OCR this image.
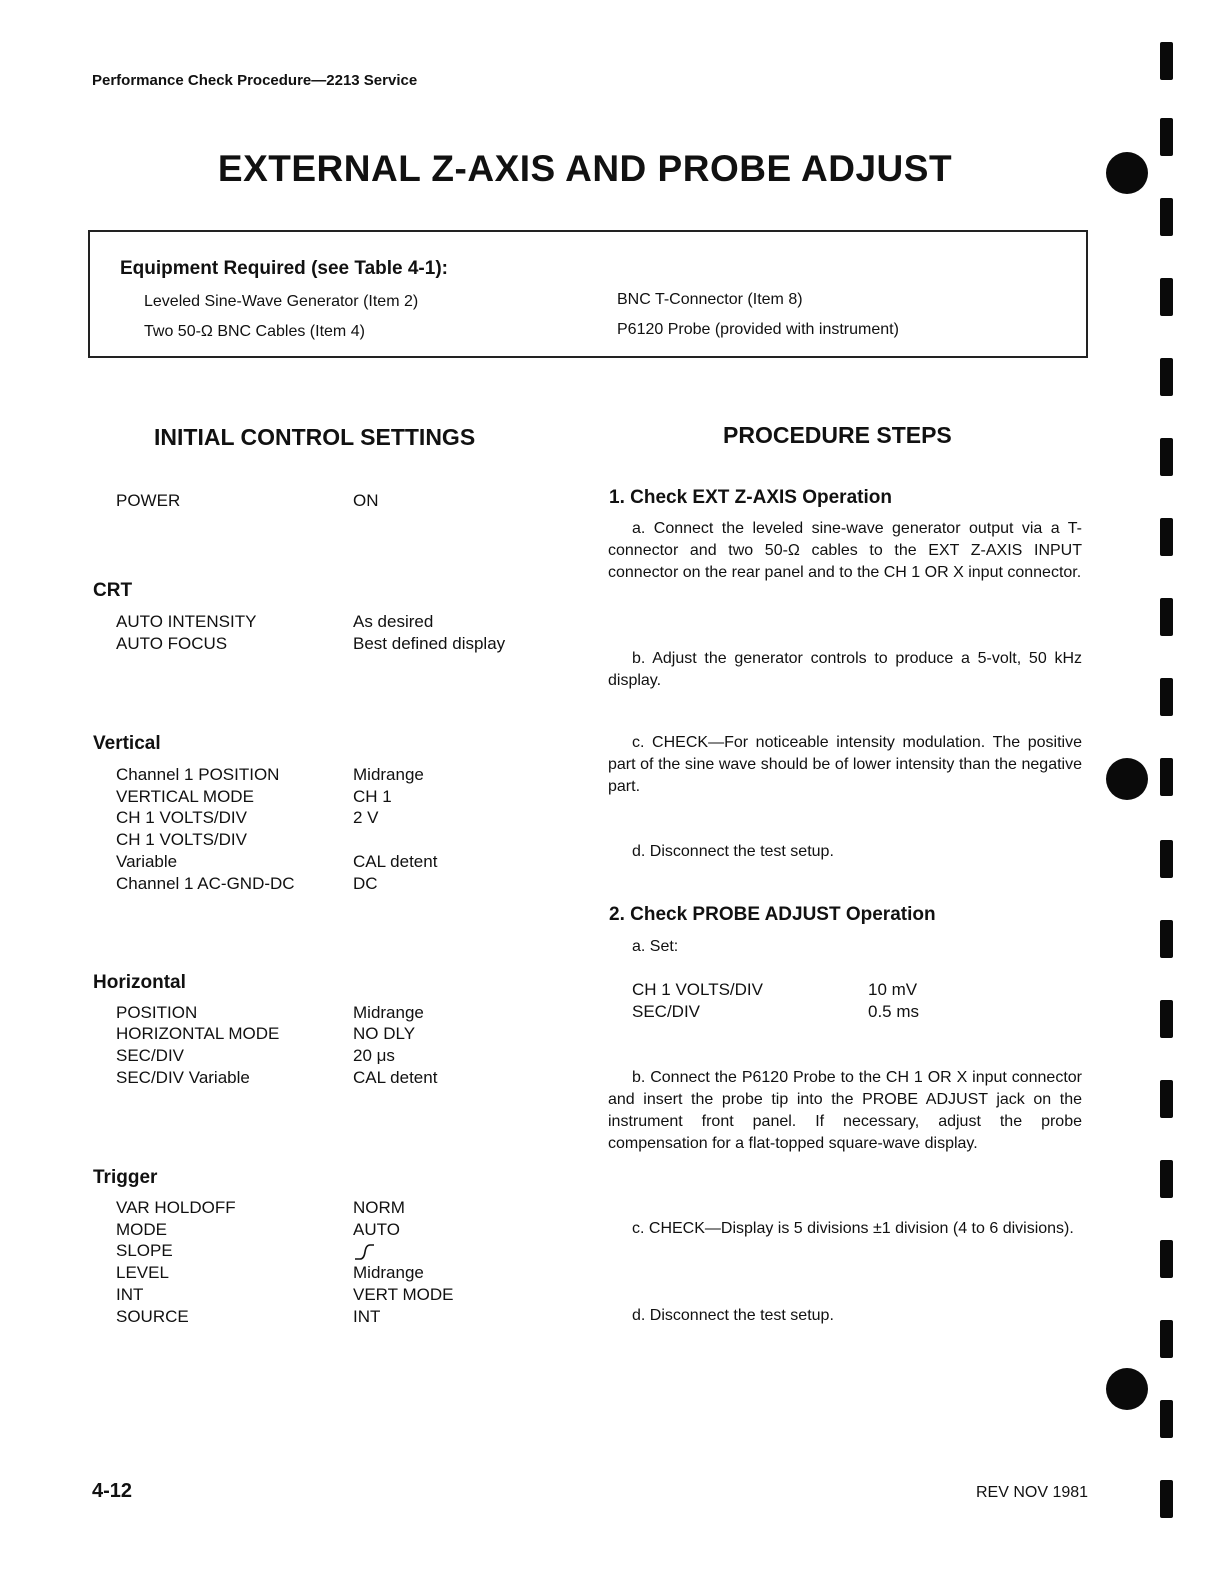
Performance Check Procedure—2213 Service
EXTERNAL Z-AXIS AND PROBE ADJUST
Equipment Required (see Table 4-1):
Leveled Sine-Wave Generator (Item 2)
Two 50-Ω BNC Cables (Item 4)
BNC T-Connector (Item 8)
P6120 Probe (provided with instrument)
INITIAL CONTROL SETTINGS
POWER	ON
CRT
AUTO INTENSITY	As desired
AUTO FOCUS	Best defined display
Vertical
Channel 1 POSITION	Midrange
VERTICAL MODE	CH 1
CH 1 VOLTS/DIV	2 V
CH 1 VOLTS/DIV
Variable	CAL detent
Channel 1 AC-GND-DC	DC
Horizontal
POSITION	Midrange
HORIZONTAL MODE	NO DLY
SEC/DIV	20 μs
SEC/DIV Variable	CAL detent
Trigger
VAR HOLDOFF	NORM
MODE	AUTO
SLOPE
LEVEL	Midrange
INT	VERT MODE
SOURCE	INT
PROCEDURE STEPS
1. Check EXT Z-AXIS Operation
a. Connect the leveled sine-wave generator output via a T-connector and two 50-Ω cables to the EXT Z-AXIS INPUT connector on the rear panel and to the CH 1 OR X input connector.
b. Adjust the generator controls to produce a 5-volt, 50 kHz display.
c. CHECK—For noticeable intensity modulation. The positive part of the sine wave should be of lower intensity than the negative part.
d. Disconnect the test setup.
2. Check PROBE ADJUST Operation
a. Set:
CH 1 VOLTS/DIV	10 mV
SEC/DIV	0.5 ms
b. Connect the P6120 Probe to the CH 1 OR X input connector and insert the probe tip into the PROBE ADJUST jack on the instrument front panel. If necessary, adjust the probe compensation for a flat-topped square-wave display.
c. CHECK—Display is 5 divisions ±1 division (4 to 6 divisions).
d. Disconnect the test setup.
4-12	REV NOV 1981
